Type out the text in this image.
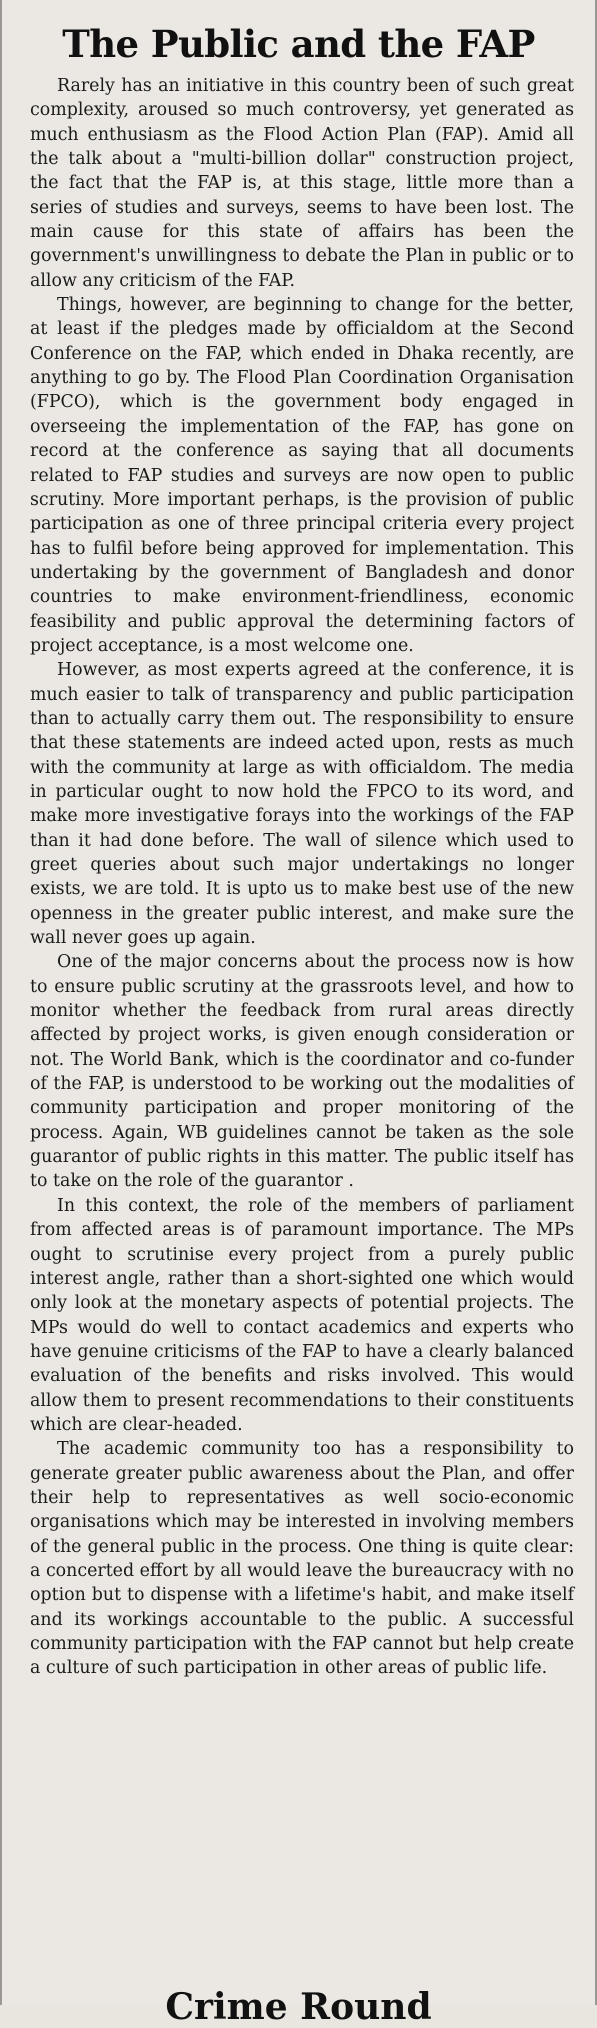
The Public and the FAP

Rarely has an initiative in this country been of such great complexity, aroused so much controversy, yet generated as much enthusiasm as the Flood Action Plan (FAP). Amid all the talk about a "multi-billion dollar" construction project, the fact that the FAP is, at this stage, little more than a series of studies and surveys, seems to have been lost. The main cause for this state of affairs has been the government's unwillingness to debate the Plan in public or to allow any criticism of the FAP.

Things, however, are beginning to change for the better, at least if the pledges made by officialdom at the Second Conference on the FAP, which ended in Dhaka recently, are anything to go by. The Flood Plan Coordination Organisation (FPCO), which is the government body engaged in overseeing the implementation of the FAP, has gone on record at the conference as saying that all documents related to FAP studies and surveys are now open to public scrutiny. More important perhaps, is the provision of public participation as one of three principal criteria every project has to fulfil before being approved for implementation. This undertaking by the government of Bangladesh and donor countries to make environment-friendliness, economic feasibility and public approval the determining factors of project acceptance, is a most welcome one.

However, as most experts agreed at the conference, it is much easier to talk of transparency and public participation than to actually carry them out. The responsibility to ensure that these statements are indeed acted upon, rests as much with the community at large as with officialdom. The media in particular ought to now hold the FPCO to its word, and make more investigative forays into the workings of the FAP than it had done before. The wall of silence which used to greet queries about such major undertakings no longer exists, we are told. It is upto us to make best use of the new openness in the greater public interest, and make sure the wall never goes up again.

One of the major concerns about the process now is how to ensure public scrutiny at the grassroots level, and how to monitor whether the feedback from rural areas directly affected by project works, is given enough consideration or not. The World Bank, which is the coordinator and co-funder of the FAP, is understood to be working out the modalities of community participation and proper monitoring of the process. Again, WB guidelines cannot be taken as the sole guarantor of public rights in this matter. The public itself has to take on the role of the guarantor .

In this context, the role of the members of parliament from affected areas is of paramount importance. The MPs ought to scrutinise every project from a purely public interest angle, rather than a short-sighted one which would only look at the monetary aspects of potential projects. The MPs would do well to contact academics and experts who have genuine criticisms of the FAP to have a clearly balanced evaluation of the benefits and risks involved. This would allow them to present recommendations to their constituents which are clear-headed.

The academic community too has a responsibility to generate greater public awareness about the Plan, and offer their help to representatives as well socio-economic organisations which may be interested in involving members of the general public in the process. One thing is quite clear: a concerted effort by all would leave the bureaucracy with no option but to dispense with a lifetime's habit, and make itself and its workings accountable to the public. A successful community participation with the FAP cannot but help create a culture of such participation in other areas of public life.

Crime Round
